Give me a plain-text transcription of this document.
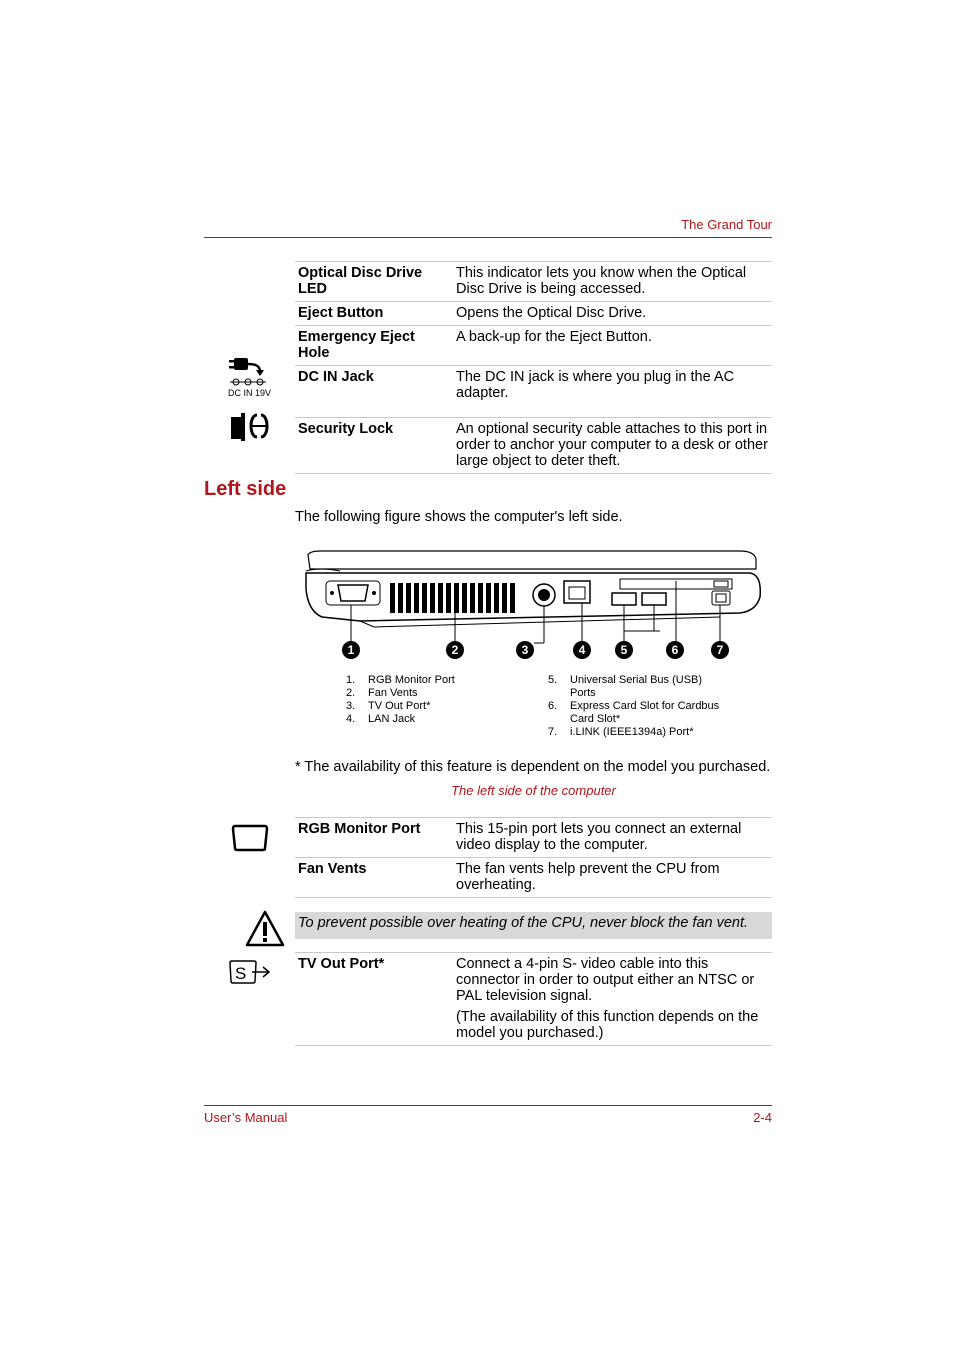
The Grand Tour
Optical Disc Drive LED	This indicator lets you know when the Optical Disc Drive is being accessed.

Eject Button	Opens the Optical Disc Drive.

Emergency Eject Hole	A back-up for the Eject Button.

DC IN Jack	The DC IN jack is where you plug in the AC adapter.

Security Lock	An optional security cable attaches to this port in order to anchor your computer to a desk or other large object to deter theft.

DC IN 19V
Left side
The following figure shows the computer's left side.
1	2	3	4	5	6	7
1. RGB Monitor Port
2. Fan Vents
3. TV Out Port*
4. LAN Jack
5.	Universal Serial Bus (USB) Ports
6.	Express Card Slot for Cardbus Card Slot*
7.	i.LINK (IEEE1394a) Port*
* The availability of this feature is dependent on the model you purchased.
The left side of the computer
RGB Monitor Port	This 15-pin port lets you connect an external video display to the computer.

Fan Vents	The fan vents help prevent the CPU from overheating.

To prevent possible over heating of the CPU, never block the fan vent.
TV Out Port*	Connect a 4-pin S- video cable into this connector in order to output either an NTSC or PAL television signal.

(The availability of this function depends on the model you purchased.)

S
User’s Manual	2-4
